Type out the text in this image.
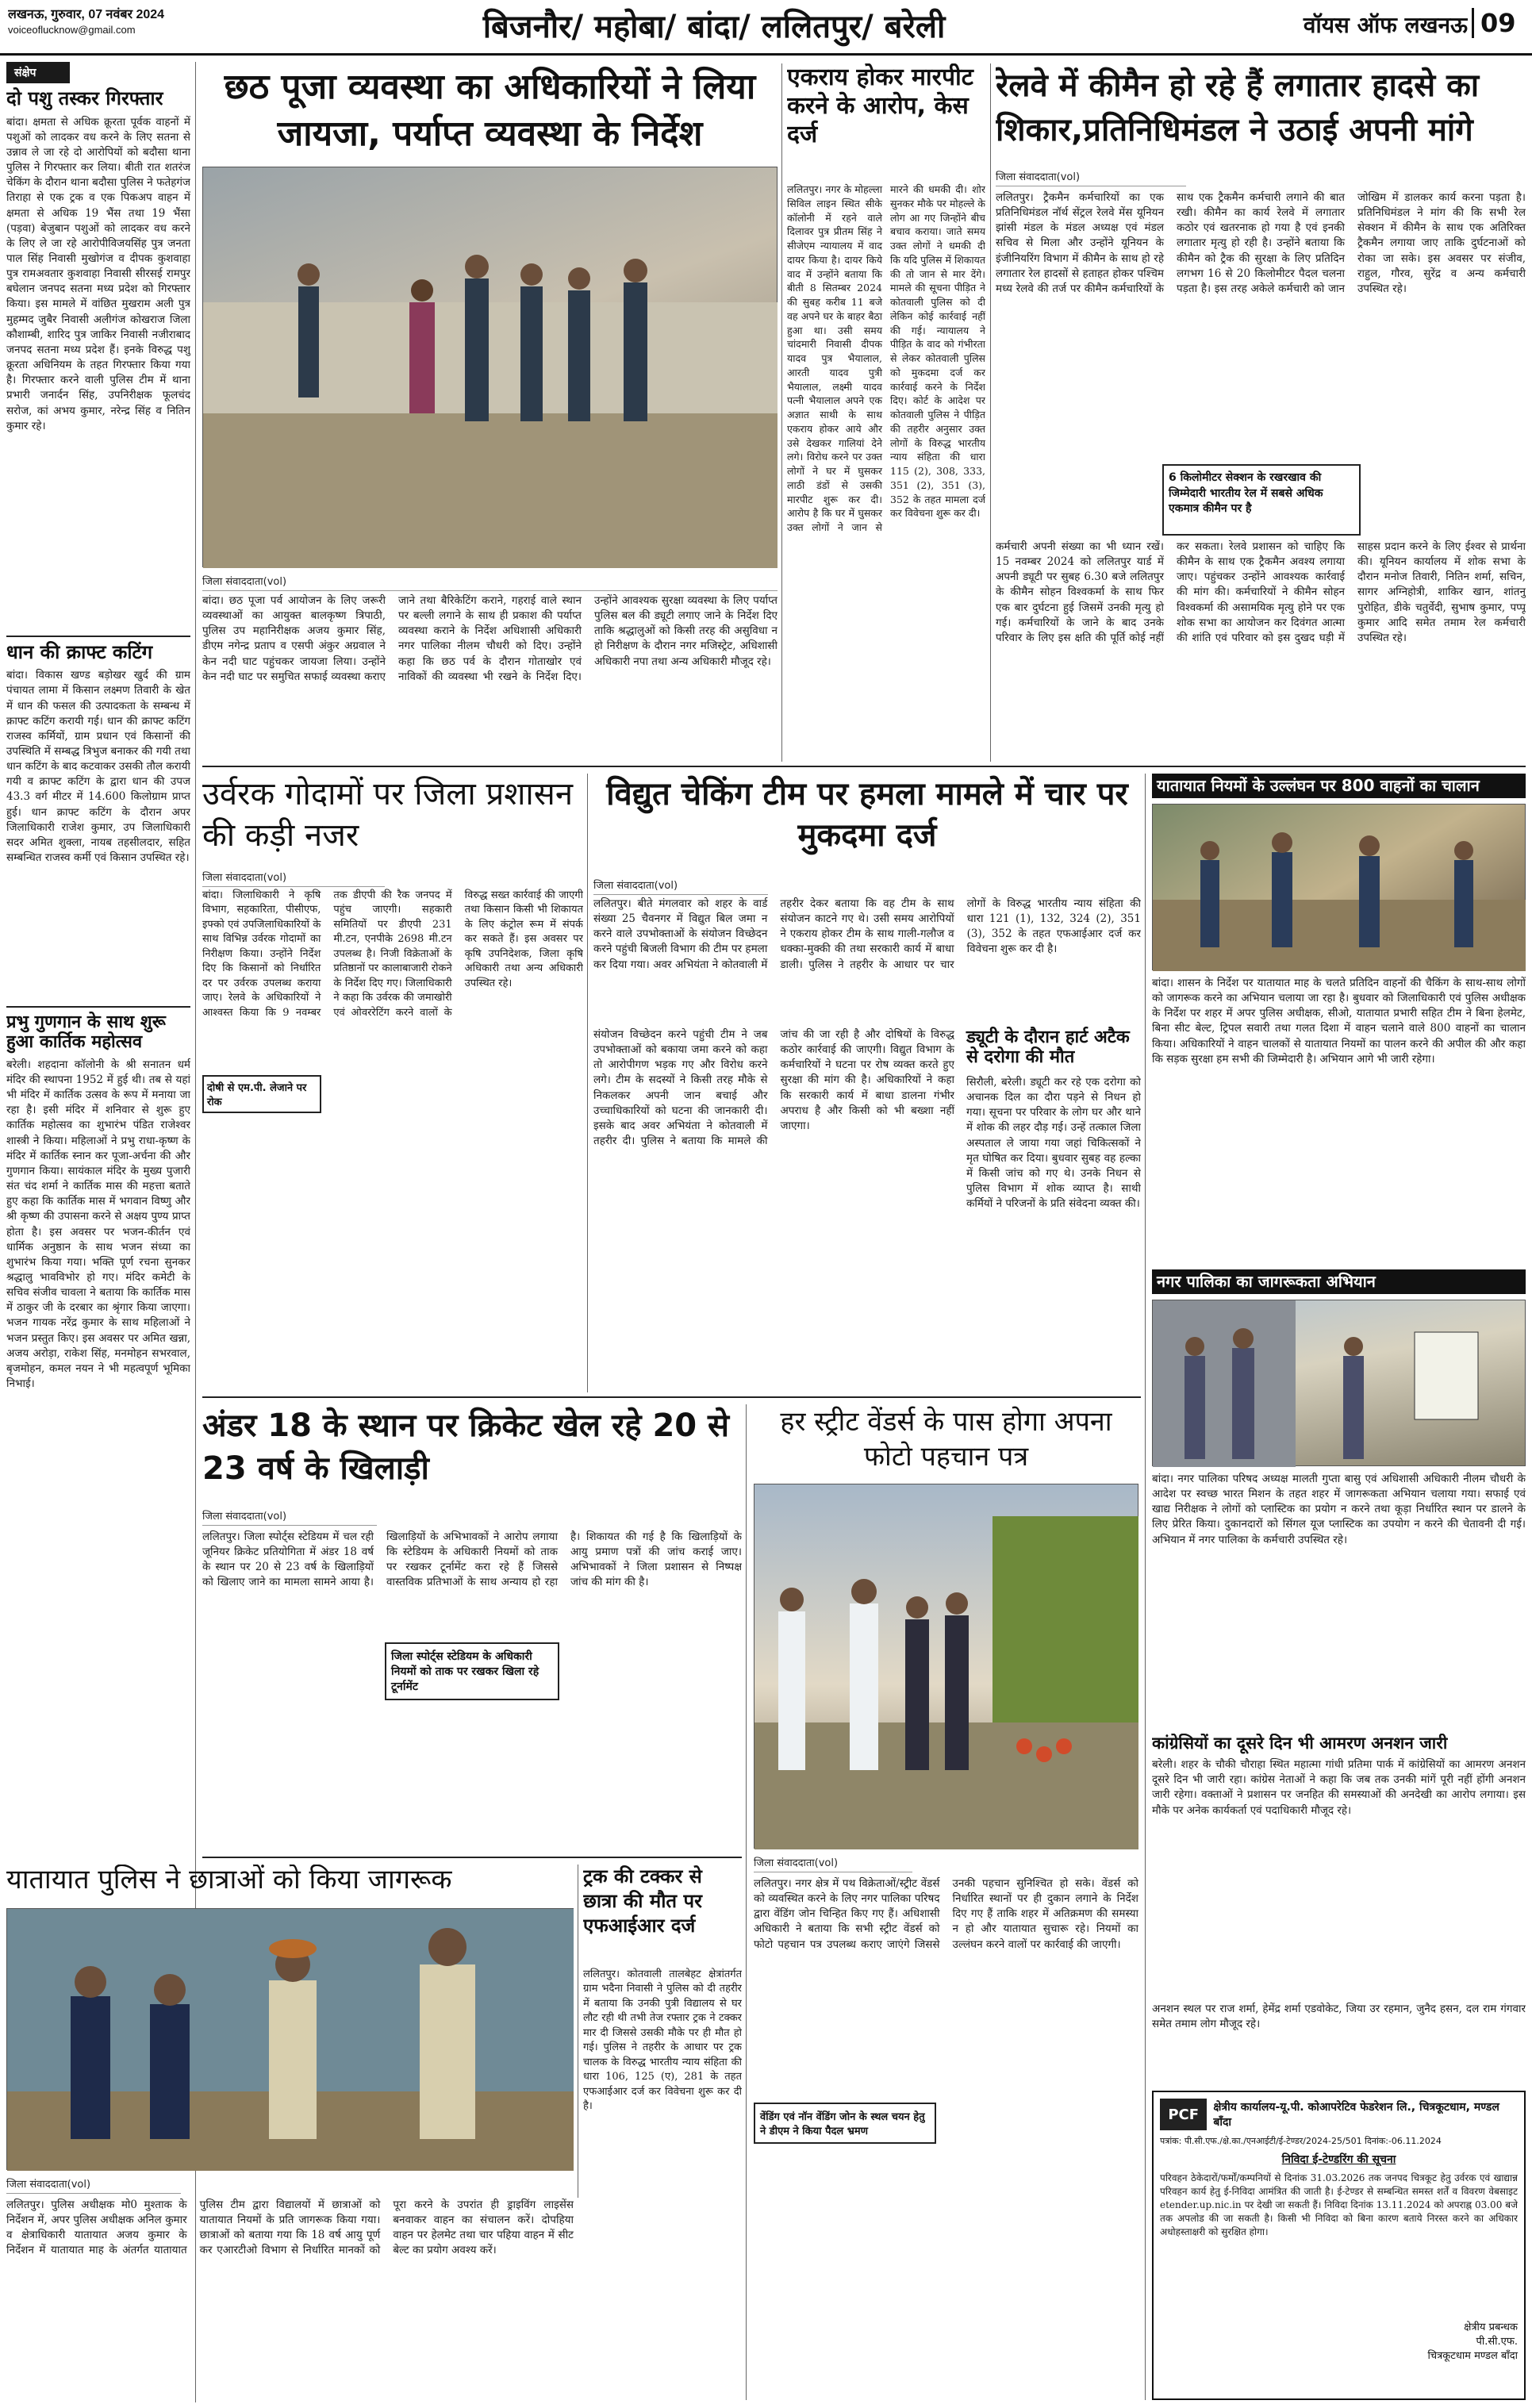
लखनऊ, गुरुवार, 07 नवंबर 2024
voiceoflucknow@gmail.com	बिजनौर/ महोबा/ बांदा/ ललितपुर/ बरेली	वॉयस ऑफ लखनऊ 09
संक्षेप
दो पशु तस्कर गिरफ्तार
बांदा। क्षमता से अधिक क्रूरता पूर्वक वाहनों में पशुओं को लादकर वध करने के लिए सतना से उन्नाव ले जा रहे दो आरोपियों को बदौसा थाना पुलिस ने गिरफ्तार कर लिया। बीती रात शतरंज चेकिंग के दौरान थाना बदौसा पुलिस ने फतेहगंज तिराहा से एक ट्रक व एक पिकअप वाहन में क्षमता से अधिक 19 भैंस तथा 19 भैंसा (पड़वा) बेजुबान पशुओं को लादकर वध करने के लिए ले जा रहे आरोपीविजयसिंह पुत्र जनता पाल सिंह निवासी मुखोगंज व दीपक कुशवाहा पुत्र रामअवतार कुशवाहा निवासी सीरसई रामपुर बघेलान जनपद सतना मध्य प्रदेश को गिरफ्तार किया। इस मामले में वांछित मुखराम अली पुत्र मुहम्मद जुबैर निवासी अलीगंज कोखराज जिला कौशाम्बी, शारिद पुत्र जाकिर निवासी नजीराबाद जनपद सतना मध्य प्रदेश हैं। इनके विरुद्ध पशु क्रूरता अधिनियम के तहत गिरफ्तार किया गया है। गिरफ्तार करने वाली पुलिस टीम में थाना प्रभारी जनार्दन सिंह, उपनिरीक्षक फूलचंद सरोज, कां अभय कुमार, नरेन्द्र सिंह व नितिन कुमार रहे।
धान की क्राफ्ट कटिंग
बांदा। विकास खण्ड बड़ोखर खुर्द की ग्राम पंचायत लामा में किसान लक्ष्मण तिवारी के खेत में धान की फसल की उत्पादकता के सम्बन्ध में क्राफ्ट कटिंग करायी गई। धान की क्राफ्ट कटिंग राजस्व कर्मियों, ग्राम प्रधान एवं किसानों की उपस्थिति में सम्बद्ध त्रिभुज बनाकर की गयी तथा धान कटिंग के बाद कटवाकर उसकी तौल करायी गयी व क्राफ्ट कटिंग के द्वारा धान की उपज 43.3 वर्ग मीटर में 14.600 किलोग्राम प्राप्त हुई। धान क्राफ्ट कटिंग के दौरान अपर जिलाधिकारी राजेश कुमार, उप जिलाधिकारी सदर अमित शुक्ला, नायब तहसीलदार, सहित सम्बन्धित राजस्व कर्मी एवं किसान उपस्थित रहे।
प्रभु गुणगान के साथ शुरू हुआ कार्तिक महोत्सव
बरेली। शहदाना कॉलोनी के श्री सनातन धर्म मंदिर की स्थापना 1952 में हुई थी। तब से यहां भी मंदिर में कार्तिक उत्सव के रूप में मनाया जा रहा है। इसी मंदिर में शनिवार से शुरू हुए कार्तिक महोत्सव का शुभारंभ पंडित राजेश्वर शास्त्री ने किया। महिलाओं ने प्रभु राधा-कृष्ण के मंदिर में कार्तिक स्नान कर पूजा-अर्चना की और गुणगान किया। सायंकाल मंदिर के मुख्य पुजारी संत चंद शर्मा ने कार्तिक मास की महत्ता बताते हुए कहा कि कार्तिक मास में भगवान विष्णु और श्री कृष्ण की उपासना करने से अक्षय पुण्य प्राप्त होता है। इस अवसर पर भजन-कीर्तन एवं धार्मिक अनुष्ठान के साथ भजन संध्या का शुभारंभ किया गया। भक्ति पूर्ण रचना सुनकर श्रद्धालु भावविभोर हो गए। मंदिर कमेटी के सचिव संजीव चावला ने बताया कि कार्तिक मास में ठाकुर जी के दरबार का श्रृंगार किया जाएगा। भजन गायक नरेंद्र कुमार के साथ महिलाओं ने भजन प्रस्तुत किए। इस अवसर पर अमित खन्ना, अजय अरोड़ा, राकेश सिंह, मनमोहन सभरवाल, बृजमोहन, कमल नयन ने भी महत्वपूर्ण भूमिका निभाई।
छठ पूजा व्यवस्था का अधिकारियों ने लिया जायजा, पर्याप्त व्यवस्था के निर्देश
जिला संवाददाता(vol)
बांदा। छठ पूजा पर्व आयोजन के लिए जरूरी व्यवस्थाओं का आयुक्त बालकृष्ण त्रिपाठी, पुलिस उप महानिरीक्षक अजय कुमार सिंह, डीएम नगेन्द्र प्रताप व एसपी अंकुर अग्रवाल ने केन नदी घाट पहुंचकर जायजा लिया। उन्होंने केन नदी घाट पर समुचित सफाई व्यवस्था कराए जाने तथा बैरिकेटिंग कराने, गहराई वाले स्थान पर बल्ली लगाने के साथ ही प्रकाश की पर्याप्त व्यवस्था कराने के निर्देश अधिशासी अधिकारी नगर पालिका नीलम चौधरी को दिए। उन्होंने कहा कि छठ पर्व के दौरान गोताखोर एवं नाविकों की व्यवस्था भी रखने के निर्देश दिए। उन्होंने आवश्यक सुरक्षा व्यवस्था के लिए पर्याप्त पुलिस बल की ड्यूटी लगाए जाने के निर्देश दिए ताकि श्रद्धालुओं को किसी तरह की असुविधा न हो निरीक्षण के दौरान नगर मजिस्ट्रेट, अधिशासी अधिकारी नपा तथा अन्य अधिकारी मौजूद रहे।
एकराय होकर मारपीट करने के आरोप, केस दर्ज
ललितपुर। नगर के मोहल्ला सिविल लाइन स्थित सीके कॉलोनी में रहने वाले दिलावर पुत्र प्रीतम सिंह ने सीजेएम न्यायालय में वाद दायर किया है। दायर किये वाद में उन्होंने बताया कि बीती 8 सितम्बर 2024 की सुबह करीब 11 बजे वह अपने घर के बाहर बैठा हुआ था। उसी समय चांदमारी निवासी दीपक यादव पुत्र भैयालाल, आरती यादव पुत्री भैयालाल, लक्ष्मी यादव पत्नी भैयालाल अपने एक अज्ञात साथी के साथ एकराय होकर आये और उसे देखकर गालियां देने लगे। विरोध करने पर उक्त लोगों ने घर में घुसकर लाठी डंडों से उसकी मारपीट शुरू कर दी। आरोप है कि घर में घुसकर उक्त लोगों ने जान से मारने की धमकी दी। शोर सुनकर मौके पर मोहल्ले के लोग आ गए जिन्होंने बीच बचाव कराया। जाते समय उक्त लोगों ने धमकी दी कि यदि पुलिस में शिकायत की तो जान से मार देंगे। मामले की सूचना पीड़ित ने कोतवाली पुलिस को दी लेकिन कोई कार्रवाई नहीं की गई। न्यायालय ने पीड़ित के वाद को गंभीरता से लेकर कोतवाली पुलिस को मुकदमा दर्ज कर कार्रवाई करने के निर्देश दिए। कोर्ट के आदेश पर कोतवाली पुलिस ने पीड़ित की तहरीर अनुसार उक्त लोगों के विरुद्ध भारतीय न्याय संहिता की धारा 115 (2), 308, 333, 351 (2), 351 (3), 352 के तहत मामला दर्ज कर विवेचना शुरू कर दी।
रेलवे में कीमैन हो रहे हैं लगातार हादसे का शिकार,प्रतिनिधिमंडल ने उठाई अपनी मांगे
जिला संवाददाता(vol)
ललितपुर। ट्रैकमैन कर्मचारियों का एक प्रतिनिधिमंडल नॉर्थ सेंट्रल रेलवे मेंस यूनियन झांसी मंडल के मंडल अध्यक्ष एवं मंडल सचिव से मिला और उन्होंने यूनियन के इंजीनियरिंग विभाग में कीमैन के साथ हो रहे लगातार रेल हादसों से हताहत होकर पश्चिम मध्य रेलवे की तर्ज पर कीमैन कर्मचारियों के साथ एक ट्रैकमैन कर्मचारी लगाने की बात रखी। कीमैन का कार्य रेलवे में लगातार कठोर एवं खतरनाक हो गया है एवं इनकी लगातार मृत्यु हो रही है। उन्होंने बताया कि कीमैन को ट्रैक की सुरक्षा के लिए प्रतिदिन लगभग 16 से 20 किलोमीटर पैदल चलना पड़ता है। इस तरह अकेले कर्मचारी को जान जोखिम में डालकर कार्य करना पड़ता है। प्रतिनिधिमंडल ने मांग की कि सभी रेल सेक्शन में कीमैन के साथ एक अतिरिक्त ट्रैकमैन लगाया जाए ताकि दुर्घटनाओं को रोका जा सके। इस अवसर पर संजीव, राहुल, गौरव, सुरेंद्र व अन्य कर्मचारी उपस्थित रहे।
6 किलोमीटर सेक्शन के रखरखाव की जिम्मेदारी भारतीय रेल में सबसे अधिक एकमात्र कीमैन पर है
कर्मचारी अपनी संख्या का भी ध्यान रखें। 15 नवम्बर 2024 को ललितपुर यार्ड में अपनी ड्यूटी पर सुबह 6.30 बजे ललितपुर के कीमैन सोहन विश्वकर्मा के साथ फिर एक बार दुर्घटना हुई जिसमें उनकी मृत्यु हो गई। कर्मचारियों के जाने के बाद उनके परिवार के लिए इस क्षति की पूर्ति कोई नहीं कर सकता। रेलवे प्रशासन को चाहिए कि कीमैन के साथ एक ट्रैकमैन अवश्य लगाया जाए। पहुंचकर उन्होंने आवश्यक कार्रवाई की मांग की। कर्मचारियों ने कीमैन सोहन विश्वकर्मा की असामयिक मृत्यु होने पर एक शोक सभा का आयोजन कर दिवंगत आत्मा की शांति एवं परिवार को इस दुखद घड़ी में साहस प्रदान करने के लिए ईश्वर से प्रार्थना की। यूनियन कार्यालय में शोक सभा के दौरान मनोज तिवारी, नितिन शर्मा, सचिन, सागर अग्निहोत्री, शाकिर खान, शांतनु पुरोहित, डीके चतुर्वेदी, सुभाष कुमार, पप्पू कुमार आदि समेत तमाम रेल कर्मचारी उपस्थित रहे।
उर्वरक गोदामों पर जिला प्रशासन की कड़ी नजर
जिला संवाददाता(vol)
बांदा। जिलाधिकारी ने कृषि विभाग, सहकारिता, पीसीएफ, इफ्को एवं उपजिलाधिकारियों के साथ विभिन्न उर्वरक गोदामों का निरीक्षण किया। उन्होंने निर्देश दिए कि किसानों को निर्धारित दर पर उर्वरक उपलब्ध कराया जाए। रेलवे के अधिकारियों ने आश्वस्त किया कि 9 नवम्बर तक डीएपी की रैक जनपद में पहुंच जाएगी। सहकारी समितियों पर डीएपी 231 मी.टन, एनपीके 2698 मी.टन उपलब्ध है। निजी विक्रेताओं के प्रतिष्ठानों पर कालाबाजारी रोकने के निर्देश दिए गए। जिलाधिकारी ने कहा कि उर्वरक की जमाखोरी एवं ओवररेटिंग करने वालों के विरुद्ध सख्त कार्रवाई की जाएगी तथा किसान किसी भी शिकायत के लिए कंट्रोल रूम में संपर्क कर सकते हैं। इस अवसर पर कृषि उपनिदेशक, जिला कृषि अधिकारी तथा अन्य अधिकारी उपस्थित रहे।
दोषी से एम.पी. लेजाने पर रोक
विद्युत चेकिंग टीम पर हमला मामले में चार पर मुकदमा दर्ज
जिला संवाददाता(vol)
ललितपुर। बीते मंगलवार को शहर के वार्ड संख्या 25 चैवनगर में विद्युत बिल जमा न करने वाले उपभोक्ताओं के संयोजन विच्छेदन करने पहुंची बिजली विभाग की टीम पर हमला कर दिया गया। अवर अभियंता ने कोतवाली में तहरीर देकर बताया कि वह टीम के साथ संयोजन काटने गए थे। उसी समय आरोपियों ने एकराय होकर टीम के साथ गाली-गलौज व धक्का-मुक्की की तथा सरकारी कार्य में बाधा डाली। पुलिस ने तहरीर के आधार पर चार लोगों के विरुद्ध भारतीय न्याय संहिता की धारा 121 (1), 132, 324 (2), 351 (3), 352 के तहत एफआईआर दर्ज कर विवेचना शुरू कर दी है।
ड्यूटी के दौरान हार्ट अटैक से दरोगा की मौत
सिरौली, बरेली। ड्यूटी कर रहे एक दरोगा को अचानक दिल का दौरा पड़ने से निधन हो गया। सूचना पर परिवार के लोग घर और थाने में शोक की लहर दौड़ गई। उन्हें तत्काल जिला अस्पताल ले जाया गया जहां चिकित्सकों ने मृत घोषित कर दिया। बुधवार सुबह वह हल्का में किसी जांच को गए थे। उनके निधन से पुलिस विभाग में शोक व्याप्त है। साथी कर्मियों ने परिजनों के प्रति संवेदना व्यक्त की।
संयोजन विच्छेदन करने पहुंची टीम ने जब उपभोक्ताओं को बकाया जमा करने को कहा तो आरोपीगण भड़क गए और विरोध करने लगे। टीम के सदस्यों ने किसी तरह मौके से निकलकर अपनी जान बचाई और उच्चाधिकारियों को घटना की जानकारी दी। इसके बाद अवर अभियंता ने कोतवाली में तहरीर दी। पुलिस ने बताया कि मामले की जांच की जा रही है और दोषियों के विरुद्ध कठोर कार्रवाई की जाएगी। विद्युत विभाग के कर्मचारियों ने घटना पर रोष व्यक्त करते हुए सुरक्षा की मांग की है। अधिकारियों ने कहा कि सरकारी कार्य में बाधा डालना गंभीर अपराध है और किसी को भी बख्शा नहीं जाएगा।
यातायात नियमों के उल्लंघन पर 800 वाहनों का चालान
बांदा। शासन के निर्देश पर यातायात माह के चलते प्रतिदिन वाहनों की चैकिंग के साथ-साथ लोगों को जागरूक करने का अभियान चलाया जा रहा है। बुधवार को जिलाधिकारी एवं पुलिस अधीक्षक के निर्देश पर शहर में अपर पुलिस अधीक्षक, सीओ, यातायात प्रभारी सहित टीम ने बिना हेलमेट, बिना सीट बेल्ट, ट्रिपल सवारी तथा गलत दिशा में वाहन चलाने वाले 800 वाहनों का चालान किया। अधिकारियों ने वाहन चालकों से यातायात नियमों का पालन करने की अपील की और कहा कि सड़क सुरक्षा हम सभी की जिम्मेदारी है। अभियान आगे भी जारी रहेगा।
नगर पालिका का जागरूकता अभियान
बांदा। नगर पालिका परिषद अध्यक्ष मालती गुप्ता बासु एवं अधिशासी अधिकारी नीलम चौधरी के आदेश पर स्वच्छ भारत मिशन के तहत शहर में जागरूकता अभियान चलाया गया। सफाई एवं खाद्य निरीक्षक ने लोगों को प्लास्टिक का प्रयोग न करने तथा कूड़ा निर्धारित स्थान पर डालने के लिए प्रेरित किया। दुकानदारों को सिंगल यूज प्लास्टिक का उपयोग न करने की चेतावनी दी गई। अभियान में नगर पालिका के कर्मचारी उपस्थित रहे।
कांग्रेसियों का दूसरे दिन भी आमरण अनशन जारी
बरेली। शहर के चौकी चौराहा स्थित महात्मा गांधी प्रतिमा पार्क में कांग्रेसियों का आमरण अनशन दूसरे दिन भी जारी रहा। कांग्रेस नेताओं ने कहा कि जब तक उनकी मांगें पूरी नहीं होंगी अनशन जारी रहेगा। वक्ताओं ने प्रशासन पर जनहित की समस्याओं की अनदेखी का आरोप लगाया। इस मौके पर अनेक कार्यकर्ता एवं पदाधिकारी मौजूद रहे।
अनशन स्थल पर राज शर्मा, हेमेंद्र शर्मा एडवोकेट, जिया उर रहमान, जुनैद हसन, दल राम गंगवार समेत तमाम लोग मौजूद रहे।
PCF	क्षेत्रीय कार्यालय-यू.पी. कोआपरेटिव फेडरेशन लि., चित्रकूटधाम, मण्डल बाँदा
पत्रांक: पी.सी.एफ./क्षे.का./एनआईटी/ई-टेण्डर/2024-25/501 दिनांक:-06.11.2024
निविदा ई-टेण्डरिंग की सूचना
परिवहन ठेकेदारों/फर्मों/कम्पनियों से दिनांक 31.03.2026 तक जनपद चित्रकूट हेतु उर्वरक एवं खाद्यान्न परिवहन कार्य हेतु ई-निविदा आमंत्रित की जाती है। ई-टेण्डर से सम्बन्धित समस्त शर्तें व विवरण वेबसाइट etender.up.nic.in पर देखी जा सकती हैं। निविदा दिनांक 13.11.2024 को अपराह्न 03.00 बजे तक अपलोड की जा सकती है। किसी भी निविदा को बिना कारण बताये निरस्त करने का अधिकार अधोहस्ताक्षरी को सुरक्षित होगा।
क्षेत्रीय प्रबन्धक
पी.सी.एफ.
चित्रकूटधाम मण्डल बाँदा
अंडर 18 के स्थान पर क्रिकेट खेल रहे 20 से 23 वर्ष के खिलाड़ी
जिला संवाददाता(vol)
ललितपुर। जिला स्पोर्ट्स स्टेडियम में चल रही जूनियर क्रिकेट प्रतियोगिता में अंडर 18 वर्ष के स्थान पर 20 से 23 वर्ष के खिलाड़ियों को खिलाए जाने का मामला सामने आया है। खिलाड़ियों के अभिभावकों ने आरोप लगाया कि स्टेडियम के अधिकारी नियमों को ताक पर रखकर टूर्नामेंट करा रहे हैं जिससे वास्तविक प्रतिभाओं के साथ अन्याय हो रहा है। शिकायत की गई है कि खिलाड़ियों के आयु प्रमाण पत्रों की जांच कराई जाए। अभिभावकों ने जिला प्रशासन से निष्पक्ष जांच की मांग की है।
जिला स्पोर्ट्स स्टेडियम के अधिकारी नियमों को ताक पर रखकर खिला रहे टूर्नामेंट
हर स्ट्रीट वेंडर्स के पास होगा अपना फोटो पहचान पत्र
जिला संवाददाता(vol)
ललितपुर। नगर क्षेत्र में पथ विक्रेताओं/स्ट्रीट वेंडर्स को व्यवस्थित करने के लिए नगर पालिका परिषद द्वारा वेंडिंग जोन चिन्हित किए गए हैं। अधिशासी अधिकारी ने बताया कि सभी स्ट्रीट वेंडर्स को फोटो पहचान पत्र उपलब्ध कराए जाएंगे जिससे उनकी पहचान सुनिश्चित हो सके। वेंडर्स को निर्धारित स्थानों पर ही दुकान लगाने के निर्देश दिए गए हैं ताकि शहर में अतिक्रमण की समस्या न हो और यातायात सुचारू रहे। नियमों का उल्लंघन करने वालों पर कार्रवाई की जाएगी।
वेंडिंग एवं नॉन वेंडिंग जोन के स्थल चयन हेतु ने डीएम ने किया पैदल भ्रमण
ट्रक की टक्कर से छात्रा की मौत पर एफआईआर दर्ज
ललितपुर। कोतवाली तालबेहट क्षेत्रांतर्गत ग्राम भदैना निवासी ने पुलिस को दी तहरीर में बताया कि उनकी पुत्री विद्यालय से घर लौट रही थी तभी तेज रफ्तार ट्रक ने टक्कर मार दी जिससे उसकी मौके पर ही मौत हो गई। पुलिस ने तहरीर के आधार पर ट्रक चालक के विरुद्ध भारतीय न्याय संहिता की धारा 106, 125 (ए), 281 के तहत एफआईआर दर्ज कर विवेचना शुरू कर दी है।
यातायात पुलिस ने छात्राओं को किया जागरूक
जिला संवाददाता(vol)
ललितपुर। पुलिस अधीक्षक मो0 मुश्ताक के निर्देशन में, अपर पुलिस अधीक्षक अनिल कुमार व क्षेत्राधिकारी यातायात अजय कुमार के निर्देशन में यातायात माह के अंतर्गत यातायात पुलिस टीम द्वारा विद्यालयों में छात्राओं को यातायात नियमों के प्रति जागरूक किया गया। छात्राओं को बताया गया कि 18 वर्ष आयु पूर्ण कर एआरटीओ विभाग से निर्धारित मानकों को पूरा करने के उपरांत ही ड्राइविंग लाइसेंस बनवाकर वाहन का संचालन करें। दोपहिया वाहन पर हेलमेट तथा चार पहिया वाहन में सीट बेल्ट का प्रयोग अवश्य करें।
